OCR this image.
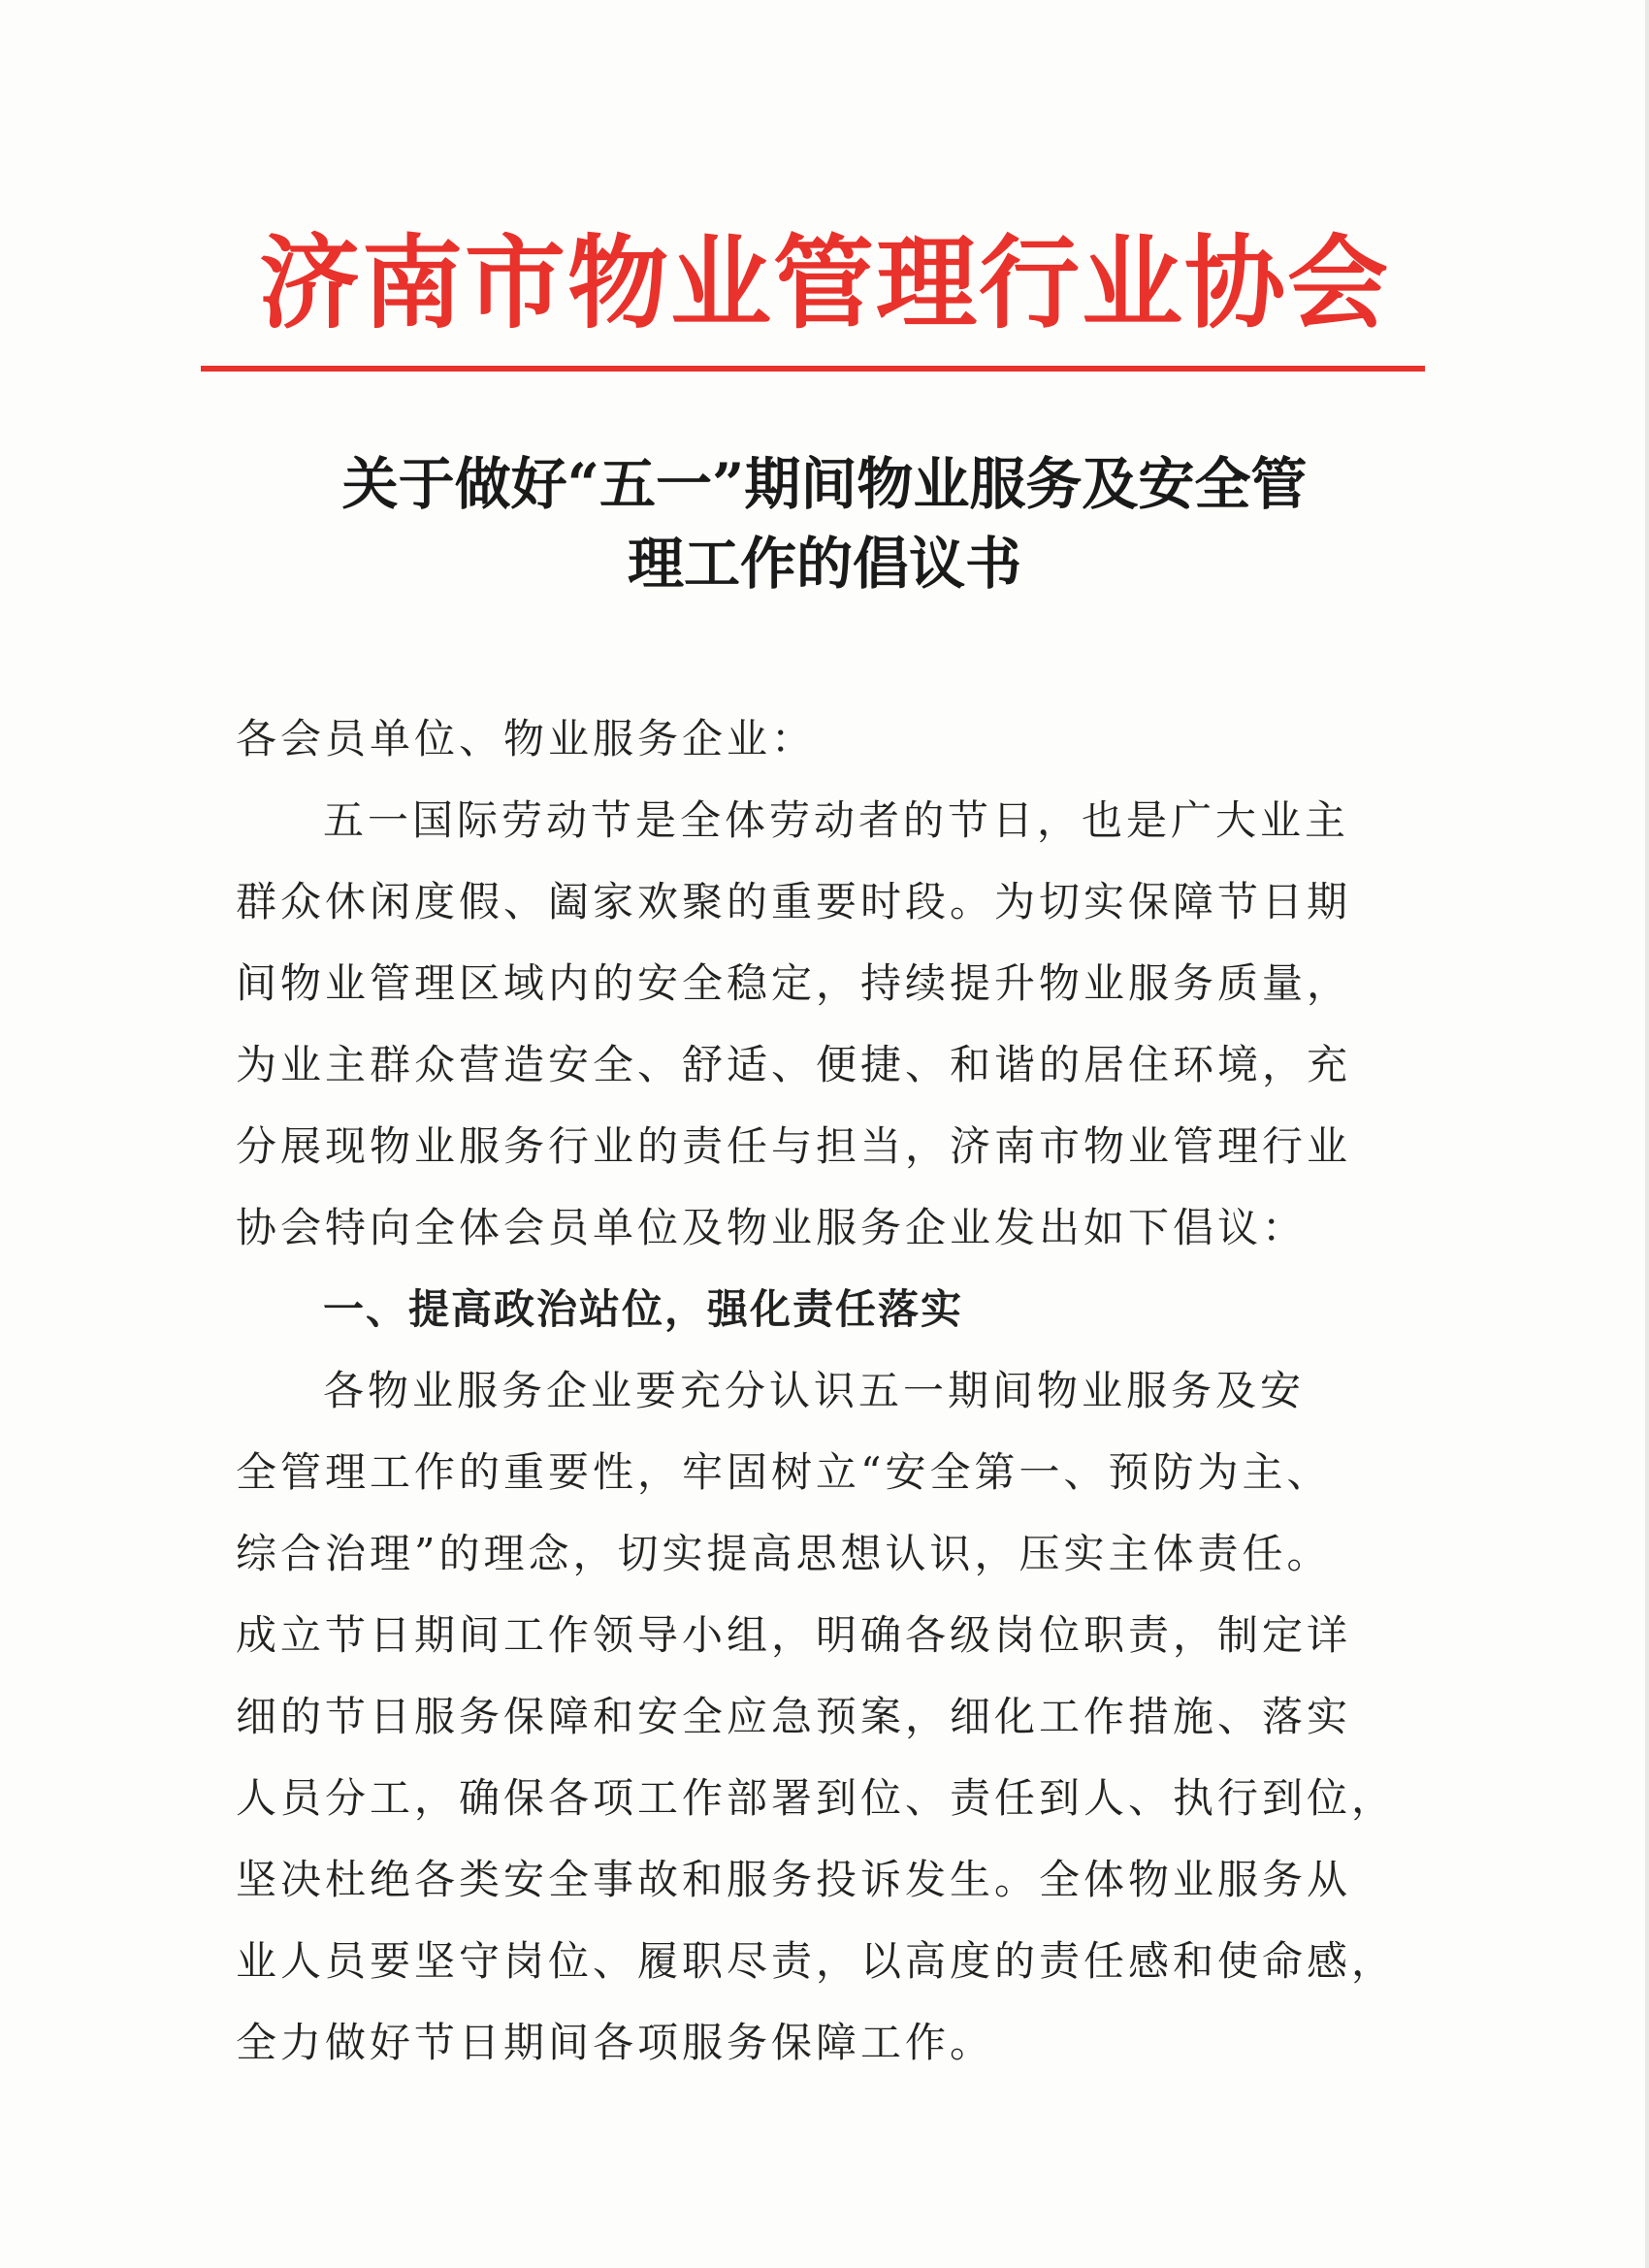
济南市物业管理行业协会
关于做好“五一”期间物业服务及安全管
理工作的倡议书
各会员单位、物业服务企业：
五一国际劳动节是全体劳动者的节日，也是广大业主
群众休闲度假、阖家欢聚的重要时段。为切实保障节日期
间物业管理区域内的安全稳定，持续提升物业服务质量，
为业主群众营造安全、舒适、便捷、和谐的居住环境，充
分展现物业服务行业的责任与担当，济南市物业管理行业
协会特向全体会员单位及物业服务企业发出如下倡议：
一、提高政治站位，强化责任落实
各物业服务企业要充分认识五一期间物业服务及安
全管理工作的重要性，牢固树立“安全第一、预防为主、
综合治理”的理念，切实提高思想认识，压实主体责任。
成立节日期间工作领导小组，明确各级岗位职责，制定详
细的节日服务保障和安全应急预案，细化工作措施、落实
人员分工，确保各项工作部署到位、责任到人、执行到位，
坚决杜绝各类安全事故和服务投诉发生。全体物业服务从
业人员要坚守岗位、履职尽责，以高度的责任感和使命感，
全力做好节日期间各项服务保障工作。
